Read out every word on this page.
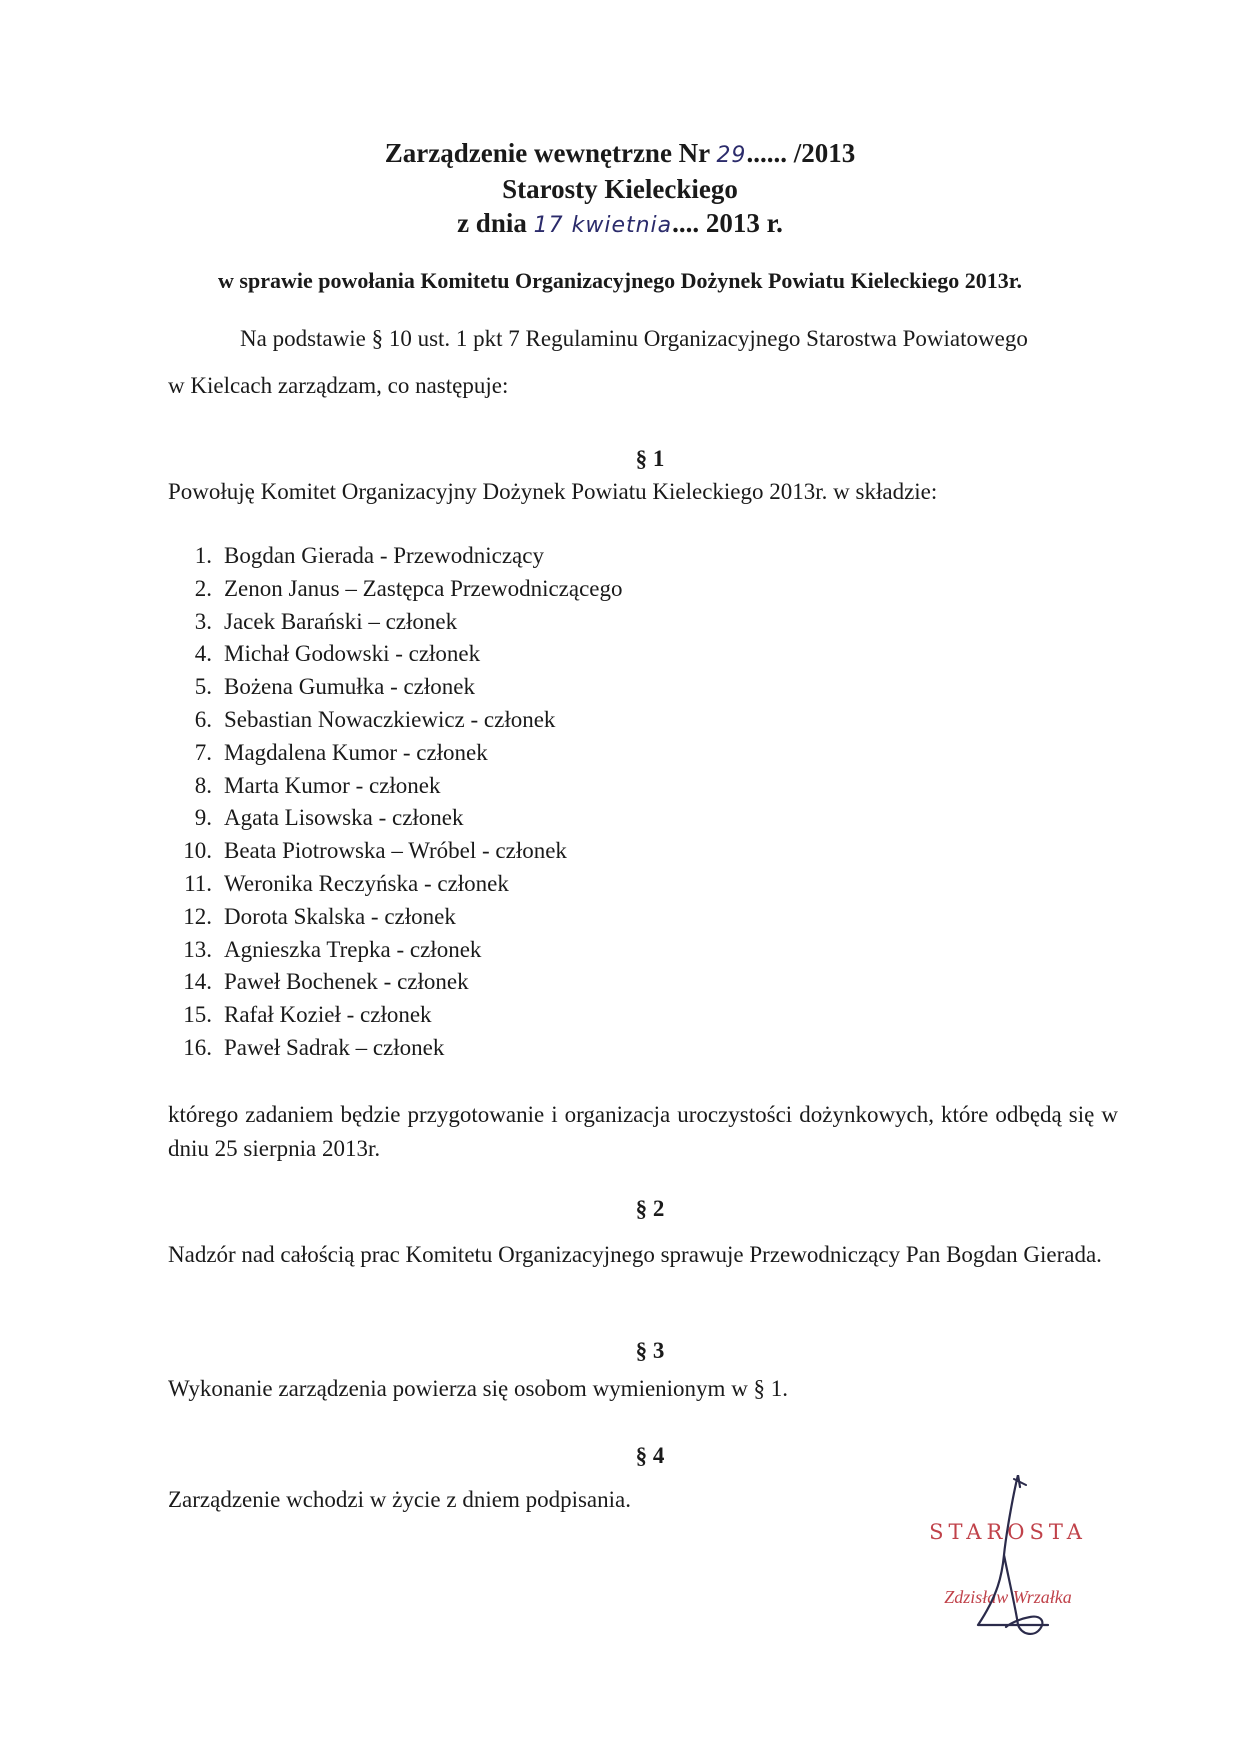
Zarządzenie wewnętrzne Nr 29...... /2013
Starosty Kieleckiego
z dnia 17 kwietnia.... 2013 r.
w sprawie powołania Komitetu Organizacyjnego Dożynek Powiatu Kieleckiego 2013r.
Na podstawie § 10 ust. 1 pkt 7 Regulaminu Organizacyjnego Starostwa Powiatowego
w Kielcach zarządzam, co następuje:
§ 1
Powołuję Komitet Organizacyjny Dożynek Powiatu Kieleckiego 2013r. w składzie:
1. Bogdan Gierada - Przewodniczący
2. Zenon Janus – Zastępca Przewodniczącego
3. Jacek Barański – członek
4. Michał Godowski - członek
5. Bożena Gumułka - członek
6. Sebastian Nowaczkiewicz - członek
7. Magdalena Kumor - członek
8. Marta Kumor - członek
9. Agata Lisowska - członek
10. Beata Piotrowska – Wróbel - członek
11. Weronika Reczyńska - członek
12. Dorota Skalska - członek
13. Agnieszka Trepka - członek
14. Paweł Bochenek - członek
15. Rafał Kozieł - członek
16. Paweł Sadrak – członek
którego zadaniem będzie przygotowanie i organizacja uroczystości dożynkowych, które odbędą się w dniu 25 sierpnia 2013r.
§ 2
Nadzór nad całością prac Komitetu Organizacyjnego sprawuje Przewodniczący Pan Bogdan Gierada.
§ 3
Wykonanie zarządzenia powierza się osobom wymienionym w § 1.
§ 4
Zarządzenie wchodzi w życie z dniem podpisania.
STAROSTA
Zdzisław Wrzałka
